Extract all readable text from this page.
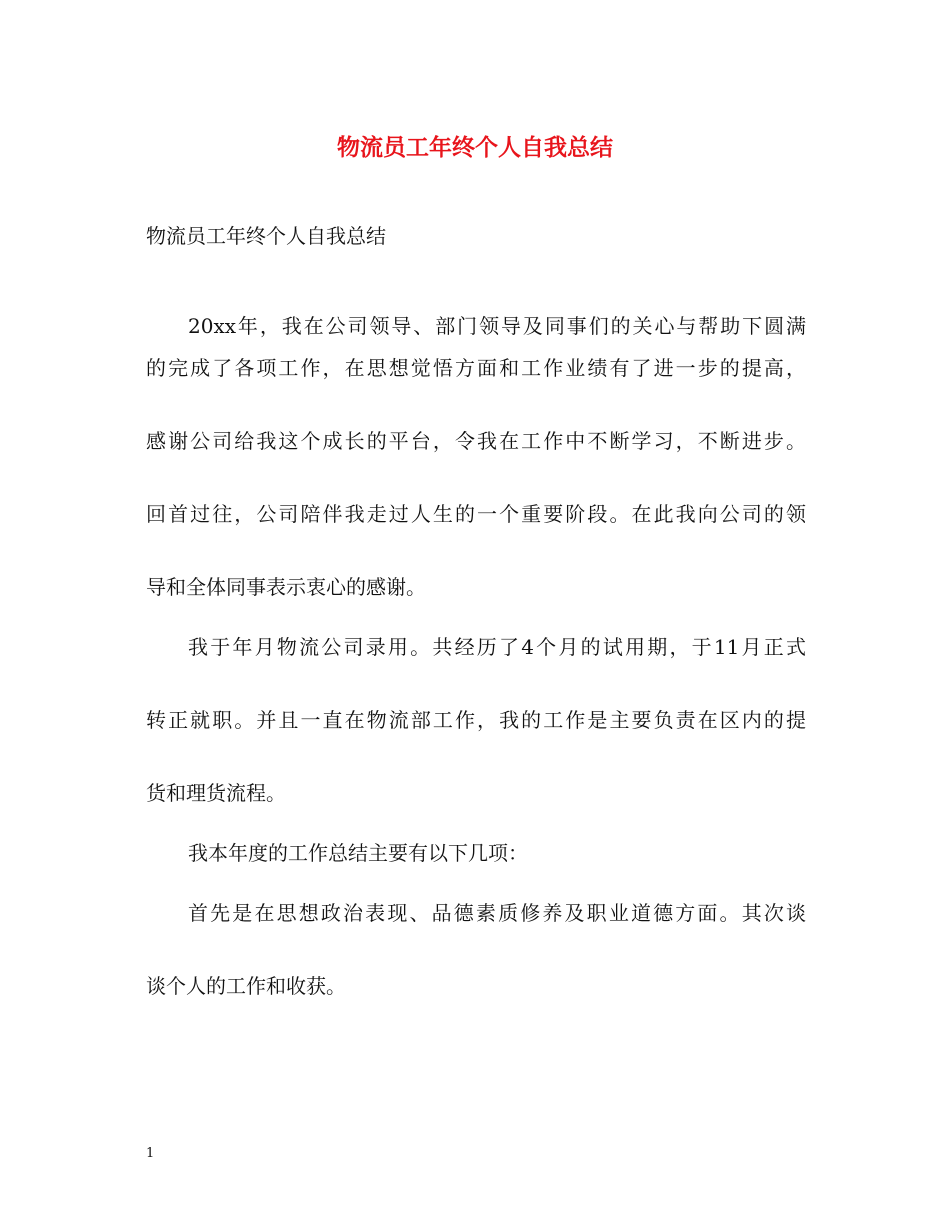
物流员工年终个人自我总结

物流员工年终个人自我总结

20xx年，我在公司领导、部门领导及同事们的关心与帮助下圆满

的完成了各项工作，在思想觉悟方面和工作业绩有了进一步的提高，

感谢公司给我这个成长的平台，令我在工作中不断学习，不断进步。

回首过往，公司陪伴我走过人生的一个重要阶段。在此我向公司的领

导和全体同事表示衷心的感谢。

我于年月物流公司录用。共经历了4个月的试用期，于11月正式

转正就职。并且一直在物流部工作，我的工作是主要负责在区内的提

货和理货流程。

我本年度的工作总结主要有以下几项：

首先是在思想政治表现、品德素质修养及职业道德方面。其次谈

谈个人的工作和收获。

1
